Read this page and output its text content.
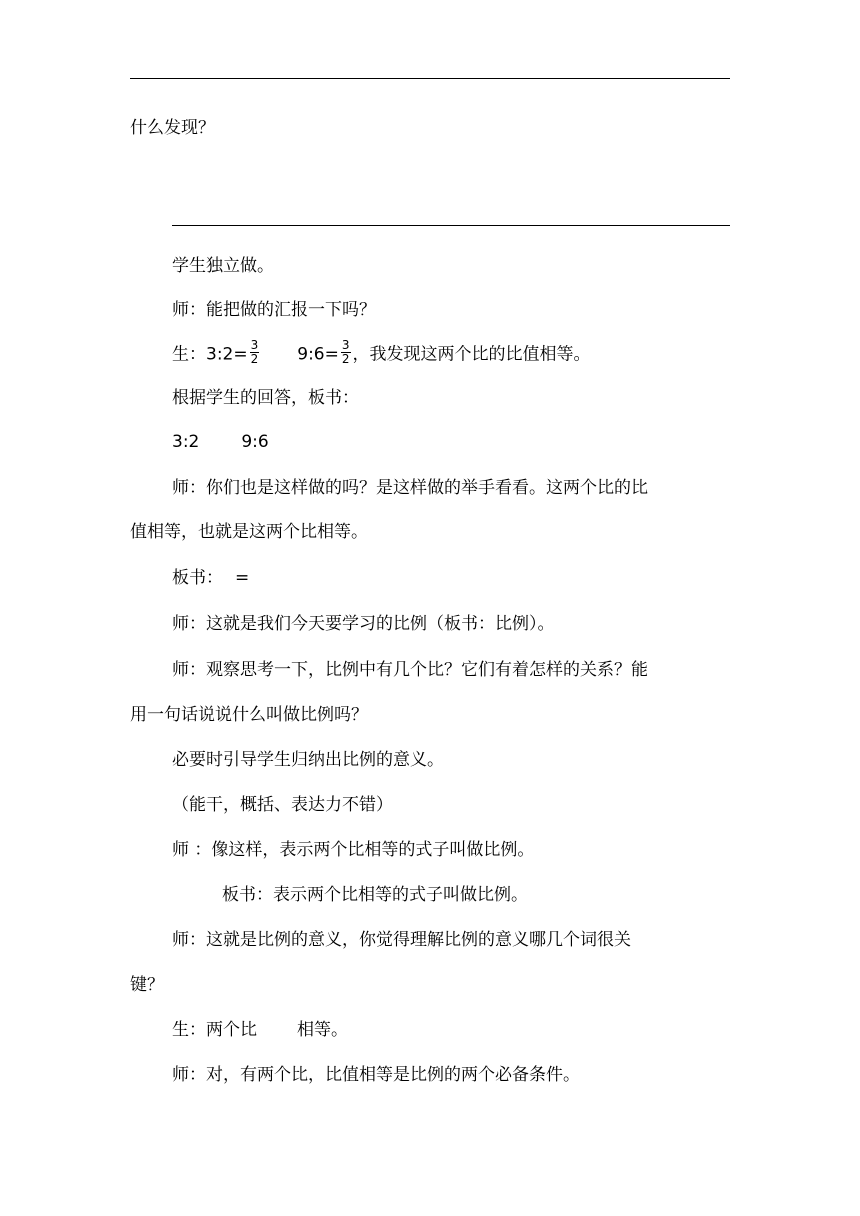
什么发现？
学生独立做。
师：能把做的汇报一下吗？
生：3:2= $\frac{3}{2}$ 9:6= $\frac{3}{2}$ ，我发现这两个比的比值相等。
根据学生的回答，板书：
3:2 9:6
师：你们也是这样做的吗？是这样做的举手看看。这两个比的比
值相等，也就是这两个比相等。
板书： =
师：这就是我们今天要学习的比例（板书：比例）。
师：观察思考一下，比例中有几个比？它们有着怎样的关系？能
用一句话说说什么叫做比例吗？
必要时引导学生归纳出比例的意义。
（能干，概括、表达力不错）
师 ：像这样，表示两个比相等的式子叫做比例。
板书：表示两个比相等的式子叫做比例。
师：这就是比例的意义，你觉得理解比例的意义哪几个词很关
键？
生：两个比 相等。
师：对，有两个比，比值相等是比例的两个必备条件。
